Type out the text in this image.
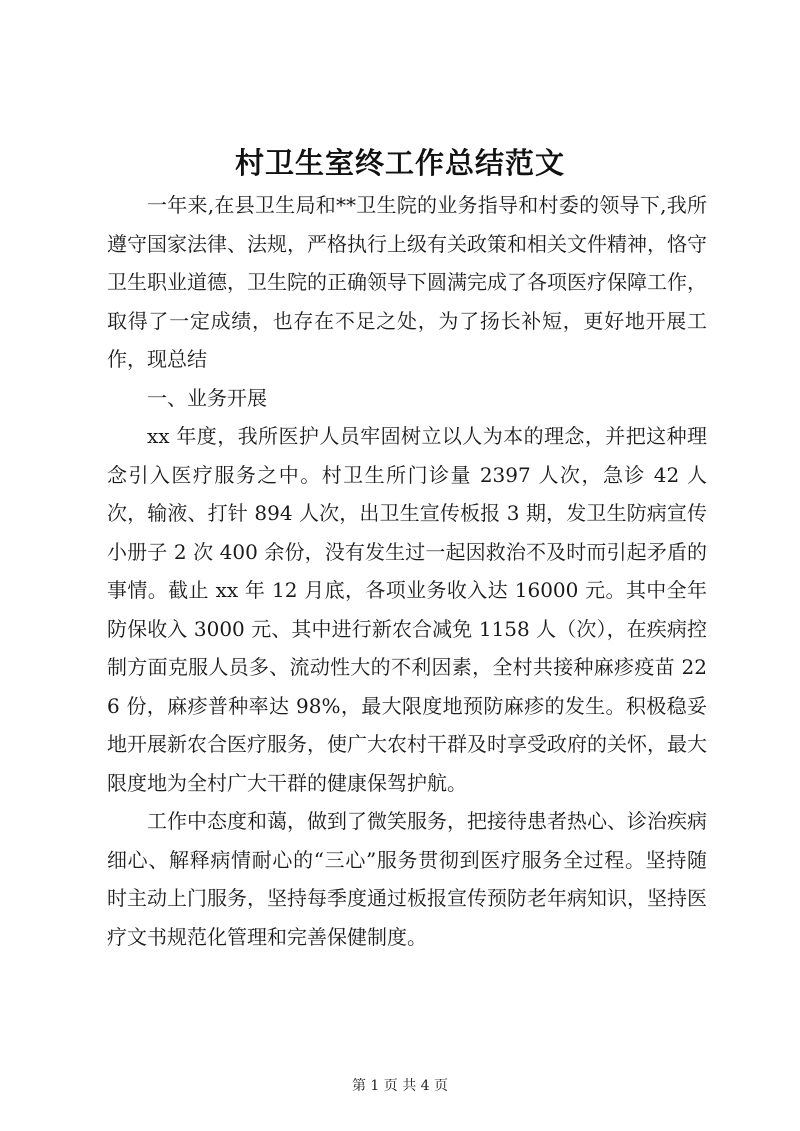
村卫生室终工作总结范文

一年来,在县卫生局和**卫生院的业务指导和村委的领导下,我所遵守国家法律、法规，严格执行上级有关政策和相关文件精神，恪守卫生职业道德，卫生院的正确领导下圆满完成了各项医疗保障工作，取得了一定成绩，也存在不足之处，为了扬长补短，更好地开展工作，现总结

一、业务开展

xx 年度，我所医护人员牢固树立以人为本的理念，并把这种理念引入医疗服务之中。村卫生所门诊量 2397 人次，急诊 42 人次，输液、打针 894 人次，出卫生宣传板报 3 期，发卫生防病宣传小册子 2 次 400 余份，没有发生过一起因救治不及时而引起矛盾的事情。截止 xx 年 12 月底，各项业务收入达 16000 元。其中全年防保收入 3000 元、其中进行新农合减免 1158 人（次），在疾病控制方面克服人员多、流动性大的不利因素，全村共接种麻疹疫苗 226 份，麻疹普种率达 98%，最大限度地预防麻疹的发生。积极稳妥地开展新农合医疗服务，使广大农村干群及时享受政府的关怀，最大限度地为全村广大干群的健康保驾护航。

工作中态度和蔼，做到了微笑服务，把接待患者热心、诊治疾病细心、解释病情耐心的“三心”服务贯彻到医疗服务全过程。坚持随时主动上门服务，坚持每季度通过板报宣传预防老年病知识，坚持医疗文书规范化管理和完善保健制度。

第 1 页 共 4 页
